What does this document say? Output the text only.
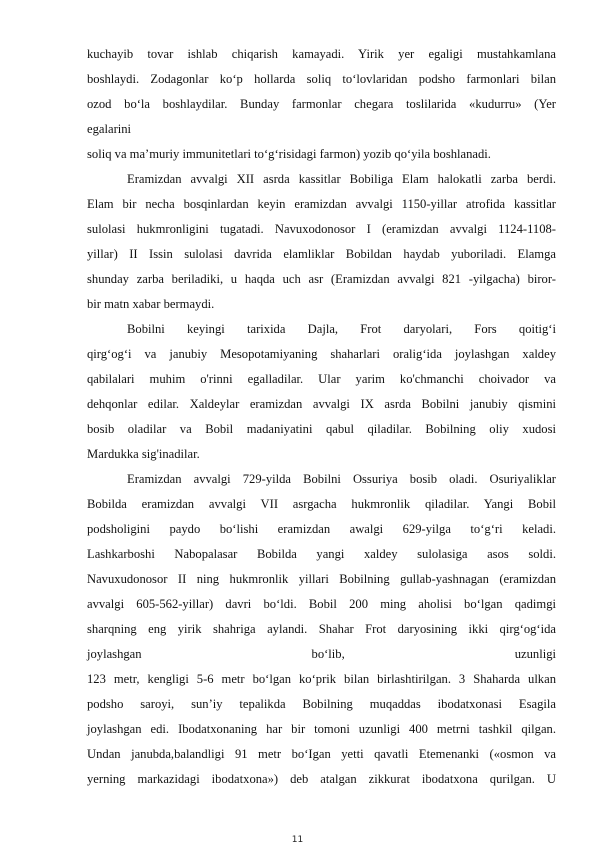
kuchayib tovar ishlab chiqarish kamayadi. Yirik yer egaligi mustahkamlana
boshlaydi. Zodagonlar ko‘p hollarda soliq to‘lovlaridan podsho farmonlari bilan
ozod bo‘la boshlaydilar. Bunday farmonlar chegara toslilarida «kudurru» (Yer
egalarini
soliq va ma’muriy immunitetlari to‘g‘risidagi farmon) yozib qo‘yila boshlanadi.
Eramizdan avvalgi XII asrda kassitlar Bobiliga Elam halokatli zarba berdi.
Elam bir necha bosqinlardan keyin eramizdan avvalgi 1150-yillar atrofida kassitlar
sulolasi hukmronligini tugatadi. Navuxodonosor I (eramizdan avvalgi 1124-1108-
yillar) II Issin sulolasi davrida elamliklar Bobildan haydab yuboriladi. Elamga
shunday zarba beriladiki, u haqda uch asr (Eramizdan avvalgi 821 -yilgacha) biror-
bir matn xabar bermaydi.
Bobilni keyingi tarixida Dajla, Frot daryolari, Fors qoitig‘i
qirg‘og‘i va janubiy Mesopotamiyaning shaharlari oralig‘ida joylashgan xaldey
qabilalari muhim o'rinni egalladilar. Ular yarim ko'chmanchi choivador va
dehqonlar edilar. Xaldeylar eramizdan avvalgi IX asrda Bobilni janubiy qismini
bosib oladilar va Bobil madaniyatini qabul qiladilar. Bobilning oliy xudosi
Mardukka sig'inadilar.
Eramizdan avvalgi 729-yilda Bobilni Ossuriya bosib oladi. Osuriyaliklar
Bobilda eramizdan avvalgi VII asrgacha hukmronlik qiladilar. Yangi Bobil
podsholigini paydo bo‘lishi eramizdan awalgi 629-yilga to‘g‘ri keladi.
Lashkarboshi Nabopalasar Bobilda yangi xaldey sulolasiga asos soldi.
Navuxudonosor II ning hukmronlik yillari Bobilning gullab-yashnagan (eramizdan
avvalgi 605-562-yillar) davri bo‘ldi. Bobil 200 ming aholisi bo‘lgan qadimgi
sharqning eng yirik shahriga aylandi. Shahar Frot daryosining ikki qirg‘og‘ida
joylashgan bo‘lib, uzunligi
123 metr, kengligi 5-6 metr bo‘lgan ko‘prik bilan birlashtirilgan. 3 Shaharda ulkan
podsho saroyi, sun’iy tepalikda Bobilning muqaddas ibodatxonasi Esagila
joylashgan edi. Ibodatxonaning har bir tomoni uzunligi 400 metrni tashkil qilgan.
Undan janubda,balandligi 91 metr bo‘Igan yetti qavatli Etemenanki («osmon va
yerning markazidagi ibodatxona») deb atalgan zikkurat ibodatxona qurilgan. U
11
